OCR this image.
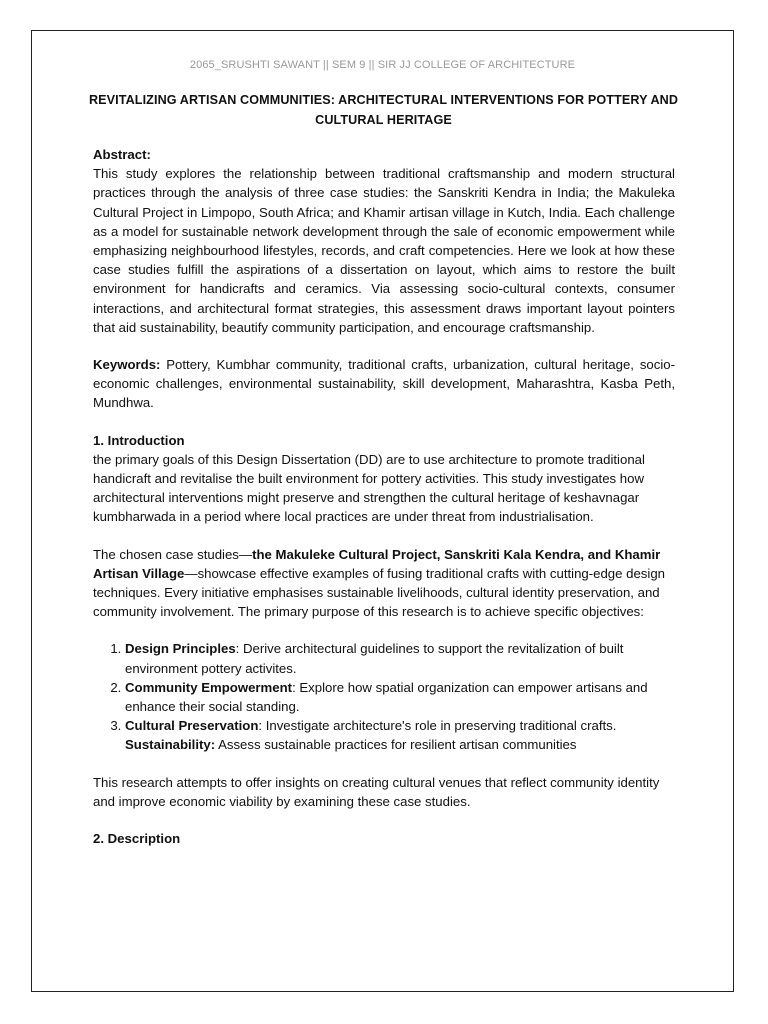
2065_SRUSHTI SAWANT || SEM 9 || SIR JJ COLLEGE OF ARCHITECTURE
REVITALIZING ARTISAN COMMUNITIES: ARCHITECTURAL INTERVENTIONS FOR POTTERY AND CULTURAL HERITAGE

Abstract:

This study explores the relationship between traditional craftsmanship and modern structural practices through the analysis of three case studies: the Sanskriti Kendra in India; the Makuleka Cultural Project in Limpopo, South Africa; and Khamir artisan village in Kutch, India. Each challenge as a model for sustainable network development through the sale of economic empowerment while emphasizing neighbourhood lifestyles, records, and craft competencies. Here we look at how these case studies fulfill the aspirations of a dissertation on layout, which aims to restore the built environment for handicrafts and ceramics. Via assessing socio-cultural contexts, consumer interactions, and architectural format strategies, this assessment draws important layout pointers that aid sustainability, beautify community participation, and encourage craftsmanship.

Keywords: Pottery, Kumbhar community, traditional crafts, urbanization, cultural heritage, socio-economic challenges, environmental sustainability, skill development, Maharashtra, Kasba Peth, Mundhwa.

1. Introduction

the primary goals of this Design Dissertation (DD) are to use architecture to promote traditional handicraft and revitalise the built environment for pottery activities. This study investigates how architectural interventions might preserve and strengthen the cultural heritage of keshavnagar kumbharwada in a period where local practices are under threat from industrialisation.

The chosen case studies—the Makuleke Cultural Project, Sanskriti Kala Kendra, and Khamir Artisan Village—showcase effective examples of fusing traditional crafts with cutting-edge design techniques. Every initiative emphasises sustainable livelihoods, cultural identity preservation, and community involvement. The primary purpose of this research is to achieve specific objectives:

1. Design Principles: Derive architectural guidelines to support the revitalization of built environment pottery activites.
2. Community Empowerment: Explore how spatial organization can empower artisans and enhance their social standing.
3. Cultural Preservation: Investigate architecture's role in preserving traditional crafts.

Sustainability: Assess sustainable practices for resilient artisan communities

This research attempts to offer insights on creating cultural venues that reflect community identity and improve economic viability by examining these case studies.

2. Description
